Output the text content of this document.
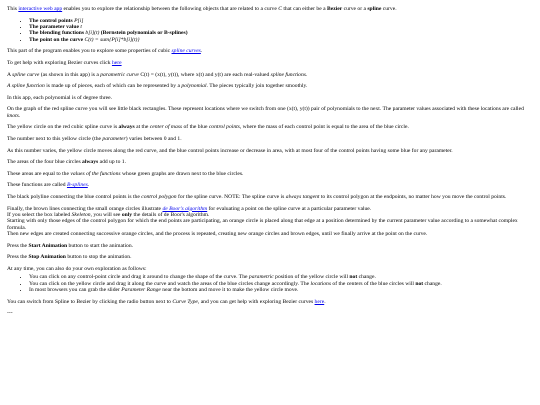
This interactive web app enables you to explore the relationship between the following objects that are related to a curve C that can either be a Bezier curve or a spline curve.

• The control points P[i]
• The parameter value t
• The blending functions b[i](t) (Bernstein polynomials or B-splines)
• The point on the curve C(t) = sum{P[i]*b[i](t)}

This part of the program enables you to explore some properties of cubic spline curves.

To get help with exploring Bezier curves click here

A spline curve (as shown in this app) is a parametric curve C(t) = (x(t), y(t)), where x(t) and y(t) are each real-valued spline functions.

A spline function is made up of pieces, each of which can be represented by a polynomial. The pieces typically join together smoothly.

In this app, each polynomial is of degree three.

On the graph of the red spline curve you will see little black rectangles. These represent locations where we switch from one (x(t), y(t)) pair of polynomials to the next. The parameter values associated with these locations are called knots.

The yellow circle on the red cubic spline curve is always at the center of mass of the blue control points, where the mass of each control point is equal to the area of the blue circle.

The number next to this yellow circle (the parameter) varies between 0 and 1.

As this number varies, the yellow circle moves along the red curve, and the blue control points increase or decrease in area, with at most four of the control points having some blue for any parameter.

The areas of the four blue circles always add up to 1.

These areas are equal to the values of the functions whose green graphs are drawn next to the blue circles.

These functions are called B-splines.

The black polyline connecting the blue control points is the control polygon for the spline curve. NOTE: The spline curve is always tangent to its control polygon at the endpoints, no matter how you move the control points.

Finally, the brown lines connecting the small orange circles illustrate de Boor's algorithm for evaluating a point on the spline curve at a particular parameter value.
If you select the box labeled Skeleton, you will see only the details of de Boor's algorithm.
Starting with only those edges of the control polygon for which the end points are participating, an orange circle is placed along that edge at a position determined by the current parameter value according to a somewhat complex formula.
Then new edges are created connecting successive orange circles, and the process is repeated, creating new orange circles and brown edges, until we finally arrive at the point on the curve.

Press the Start Animation button to start the animation.

Press the Stop Animation button to stop the animation.

At any time, you can also do your own exploration as follows:

• You can click on any control-point circle and drag it around to change the shape of the curve. The parametric position of the yellow circle will not change.
• You can click on the yellow circle and drag it along the curve and watch the areas of the blue circles change accordingly. The locations of the centers of the blue circles will not change.
• In most browsers you can grab the slider Parameter Range near the bottom and move it to make the yellow circle move.

You can switch from Spline to Bezier by clicking the radio button next to Curve Type, and you can get help with exploring Bezier curves here.

---
